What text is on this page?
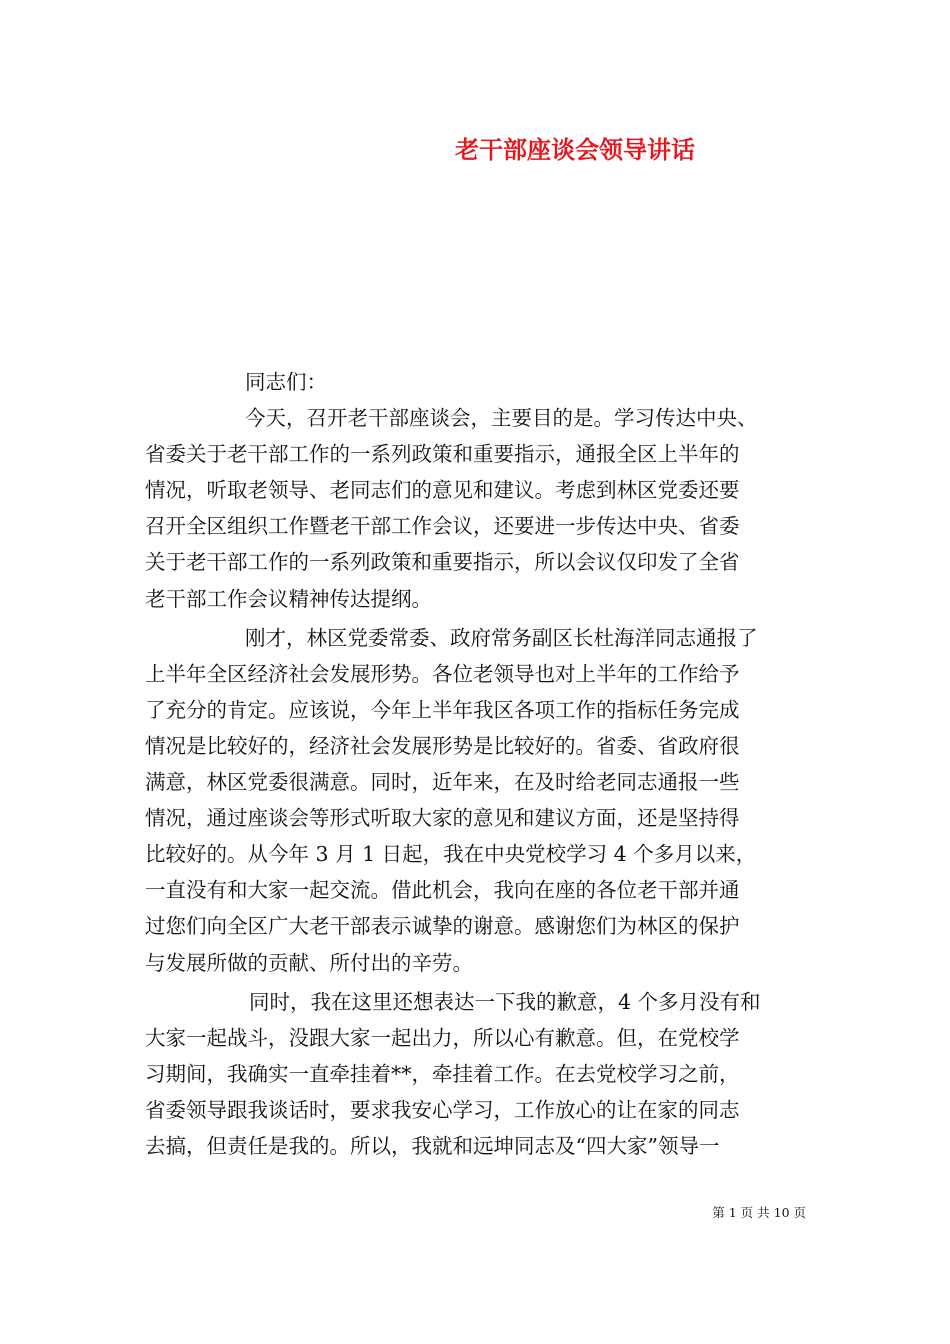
老干部座谈会领导讲话
同志们：
今天，召开老干部座谈会，主要目的是。学习传达中央、
省委关于老干部工作的一系列政策和重要指示，通报全区上半年的
情况，听取老领导、老同志们的意见和建议。考虑到林区党委还要
召开全区组织工作暨老干部工作会议，还要进一步传达中央、省委
关于老干部工作的一系列政策和重要指示，所以会议仅印发了全省
老干部工作会议精神传达提纲。
刚才，林区党委常委、政府常务副区长杜海洋同志通报了
上半年全区经济社会发展形势。各位老领导也对上半年的工作给予
了充分的肯定。应该说，今年上半年我区各项工作的指标任务完成
情况是比较好的，经济社会发展形势是比较好的。省委、省政府很
满意，林区党委很满意。同时，近年来，在及时给老同志通报一些
情况，通过座谈会等形式听取大家的意见和建议方面，还是坚持得
比较好的。从今年 3 月 1 日起，我在中央党校学习 4 个多月以来，
一直没有和大家一起交流。借此机会，我向在座的各位老干部并通
过您们向全区广大老干部表示诚挚的谢意。感谢您们为林区的保护
与发展所做的贡献、所付出的辛劳。
同时，我在这里还想表达一下我的歉意，4 个多月没有和
大家一起战斗，没跟大家一起出力，所以心有歉意。但，在党校学
习期间，我确实一直牵挂着**，牵挂着工作。在去党校学习之前，
省委领导跟我谈话时，要求我安心学习，工作放心的让在家的同志
去搞，但责任是我的。所以，我就和远坤同志及“四大家”领导一
第 1 页 共 10 页
